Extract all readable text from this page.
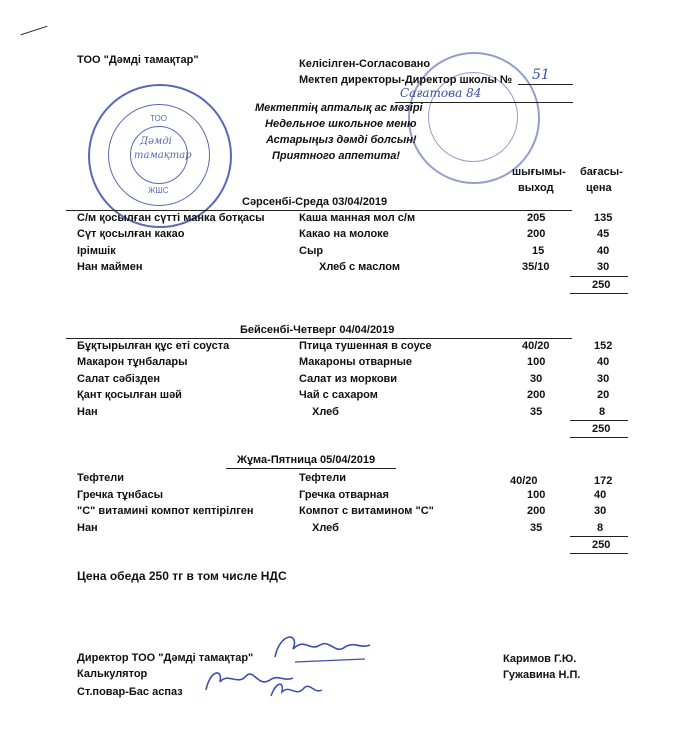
ТОО
Дәмді
тамақтар
ЖШС
ТОО "Дәмді тамақтар"	Келісілген-Согласовано
Мектеп директоры-Директор школы № 51
Сағатова 84
Мектептің апталық ас мәзірі
Недельное школьное меню
Астарыңыз дәмді болсын!
Приятного аппетита!
шығымы-
выход
бағасы-
цена
Сәрсенбі-Среда 03/04/2019
С/м қосылған сүтті манка ботқасы	Каша манная мол с/м	205	135
Сүт қосылған какао	Какао на молоке	200	45
Ірімшік	Сыр	15	40
Нан маймен	Хлеб с маслом	35/10	30
250
Бейсенбі-Четверг 04/04/2019
Бұқтырылған құс еті соуста	Птица тушенная в соусе	40/20	152
Макарон тұнбалары	Макароны отварные	100	40
Салат сәбізден	Салат из моркови	30	30
Қант қосылған шәй	Чай с сахаром	200	20
Нан	Хлеб	35	8
250
Жұма-Пятница 05/04/2019
Тефтели	Тефтели	40/20	172
Гречка тұнбасы	Гречка отварная	100	40
"С" витамині компот кептірілген	Компот с витамином "С"	200	30
Нан	Хлеб	35	8
250
Цена обеда 250 тг в том числе НДС
Директор ТОО "Дәмді тамақтар"
Калькулятор
Ст.повар-Бас аспаз
Каримов Г.Ю.
Гужавина Н.П.
